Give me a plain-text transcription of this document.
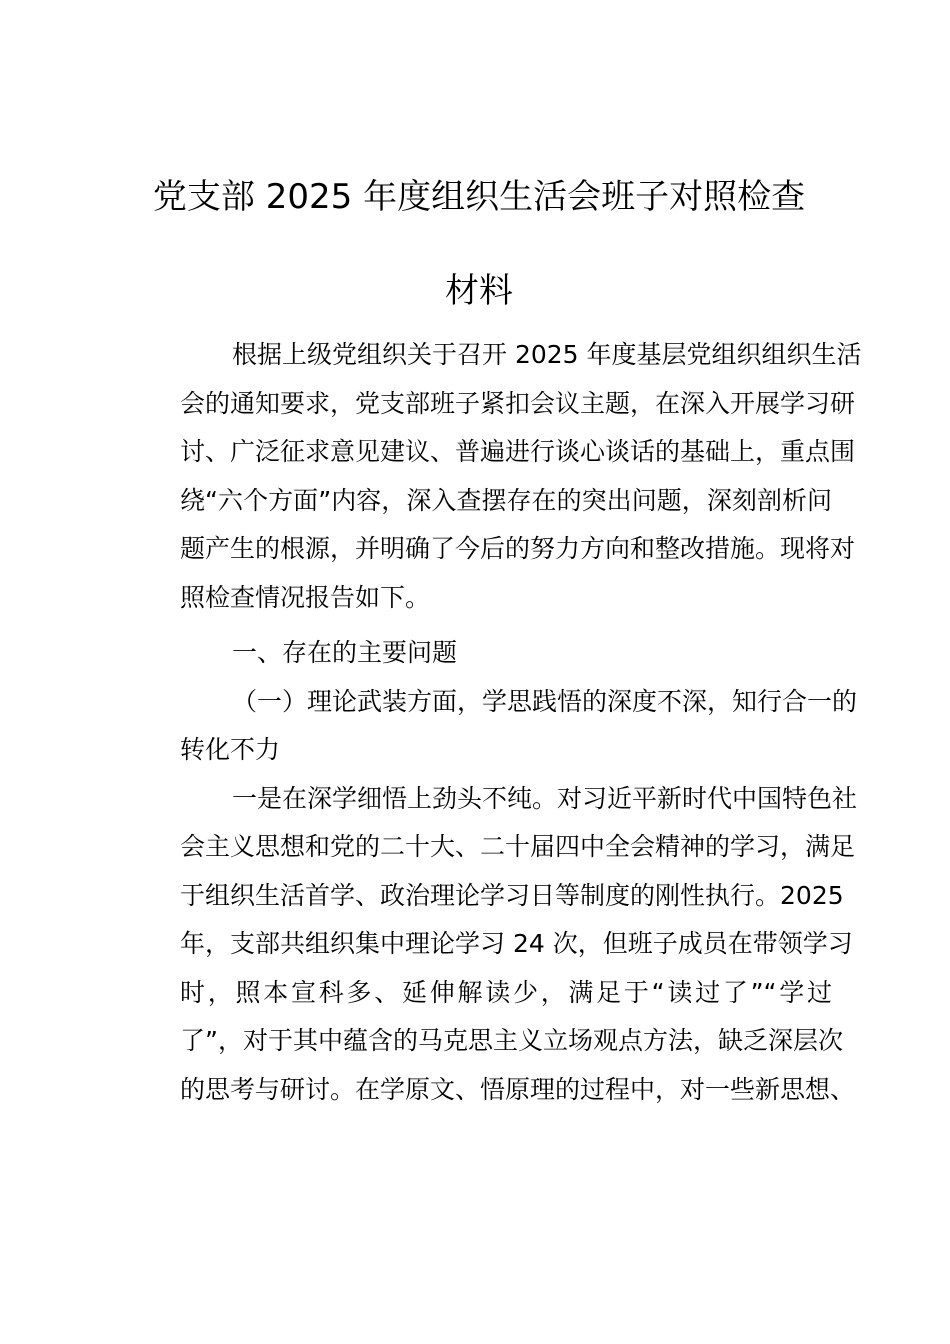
党支部 2025 年度组织生活会班子对照检查
材料
根据上级党组织关于召开 2025 年度基层党组织组织生活
会的通知要求，党支部班子紧扣会议主题，在深入开展学习研
讨、广泛征求意见建议、普遍进行谈心谈话的基础上，重点围
绕“六个方面”内容，深入查摆存在的突出问题，深刻剖析问
题产生的根源，并明确了今后的努力方向和整改措施。现将对
照检查情况报告如下。
一、存在的主要问题
（一）理论武装方面，学思践悟的深度不深，知行合一的
转化不力
一是在深学细悟上劲头不纯。对习近平新时代中国特色社
会主义思想和党的二十大、二十届四中全会精神的学习，满足
于组织生活首学、政治理论学习日等制度的刚性执行。2025
年，支部共组织集中理论学习 24 次，但班子成员在带领学习
时，照本宣科多、延伸解读少，满足于“读过了”“学过
了”，对于其中蕴含的马克思主义立场观点方法，缺乏深层次
的思考与研讨。在学原文、悟原理的过程中，对一些新思想、
